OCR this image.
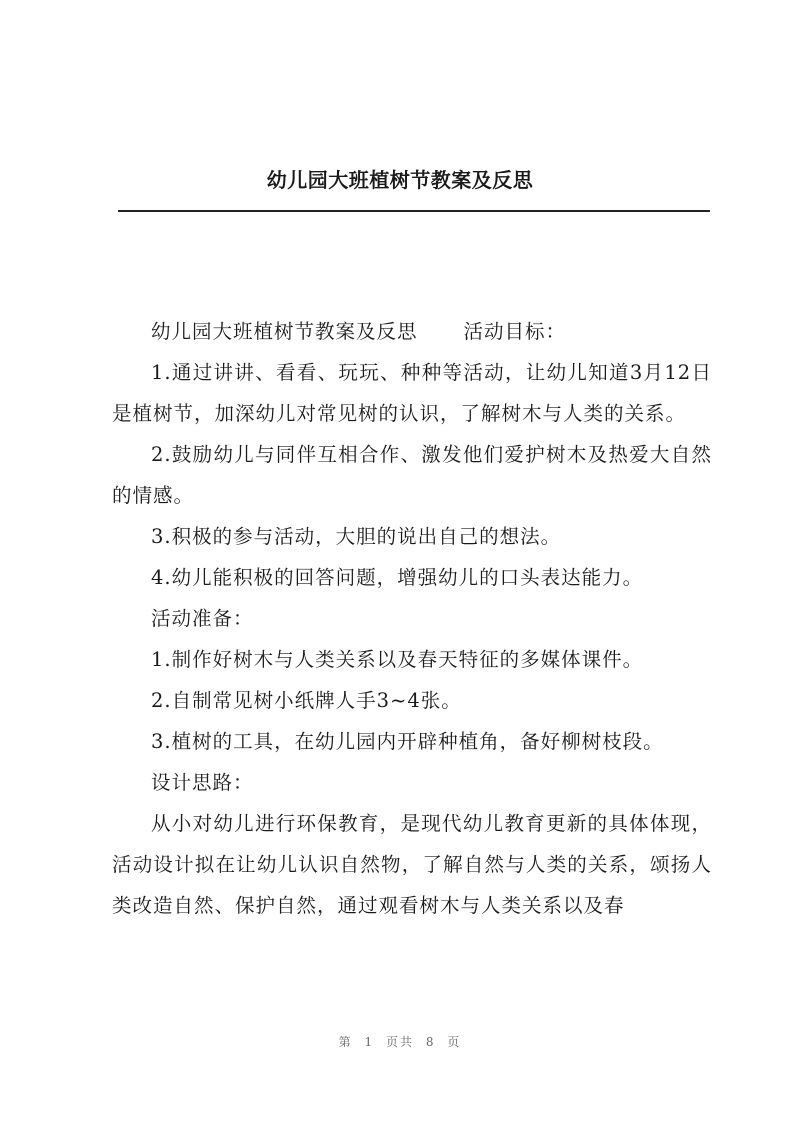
幼儿园大班植树节教案及反思

幼儿园大班植树节教案及反思 活动目标：

1.通过讲讲、看看、玩玩、种种等活动，让幼儿知道3月12日是植树节，加深幼儿对常见树的认识，了解树木与人类的关系。

2.鼓励幼儿与同伴互相合作、激发他们爱护树木及热爱大自然的情感。

3.积极的参与活动，大胆的说出自己的想法。

4.幼儿能积极的回答问题，增强幼儿的口头表达能力。

活动准备：

1.制作好树木与人类关系以及春天特征的多媒体课件。

2.自制常见树小纸牌人手3~4张。

3.植树的工具，在幼儿园内开辟种植角，备好柳树枝段。

设计思路：

从小对幼儿进行环保教育，是现代幼儿教育更新的具体体现，活动设计拟在让幼儿认识自然物，了解自然与人类的关系，颂扬人类改造自然、保护自然，通过观看树木与人类关系以及春

第 1 页共 8 页
